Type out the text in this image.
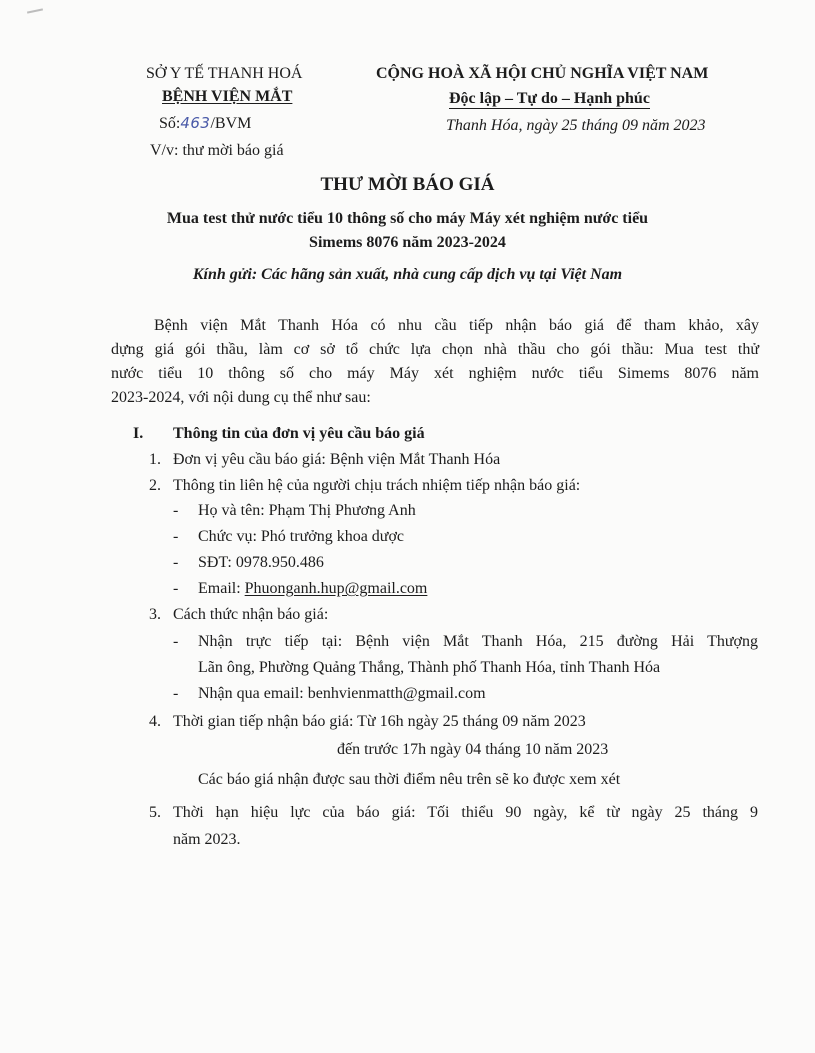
SỞ Y TẾ THANH HOÁ
BỆNH VIỆN MẮT
Số:463/BVM
V/v: thư mời báo giá
CỘNG HOÀ XÃ HỘI CHỦ NGHĨA VIỆT NAM
Độc lập – Tự do – Hạnh phúc
Thanh Hóa, ngày 25 tháng 09 năm 2023
THƯ MỜI BÁO GIÁ
Mua test thử nước tiểu 10 thông số cho máy Máy xét nghiệm nước tiểu
Simems 8076 năm 2023-2024
Kính gửi: Các hãng sản xuất, nhà cung cấp dịch vụ tại Việt Nam
Bệnh viện Mắt Thanh Hóa có nhu cầu tiếp nhận báo giá để tham khảo, xây
dựng giá gói thầu, làm cơ sở tổ chức lựa chọn nhà thầu cho gói thầu: Mua test thử
nước tiểu 10 thông số cho máy Máy xét nghiệm nước tiểu Simems 8076 năm
2023-2024, với nội dung cụ thể như sau:
I. Thông tin của đơn vị yêu cầu báo giá
1. Đơn vị yêu cầu báo giá: Bệnh viện Mắt Thanh Hóa
2. Thông tin liên hệ của người chịu trách nhiệm tiếp nhận báo giá:
- Họ và tên: Phạm Thị Phương Anh
- Chức vụ: Phó trưởng khoa dược
- SĐT: 0978.950.486
- Email: Phuonganh.hup@gmail.com
3. Cách thức nhận báo giá:
- Nhận trực tiếp tại: Bệnh viện Mắt Thanh Hóa, 215 đường Hải Thượng
Lãn ông, Phường Quảng Thắng, Thành phố Thanh Hóa, tỉnh Thanh Hóa
- Nhận qua email: benhvienmatth@gmail.com
4. Thời gian tiếp nhận báo giá: Từ 16h ngày 25 tháng 09 năm 2023
đến trước 17h ngày 04 tháng 10 năm 2023
Các báo giá nhận được sau thời điểm nêu trên sẽ ko được xem xét
5. Thời hạn hiệu lực của báo giá: Tối thiểu 90 ngày, kể từ ngày 25 tháng 9
năm 2023.
